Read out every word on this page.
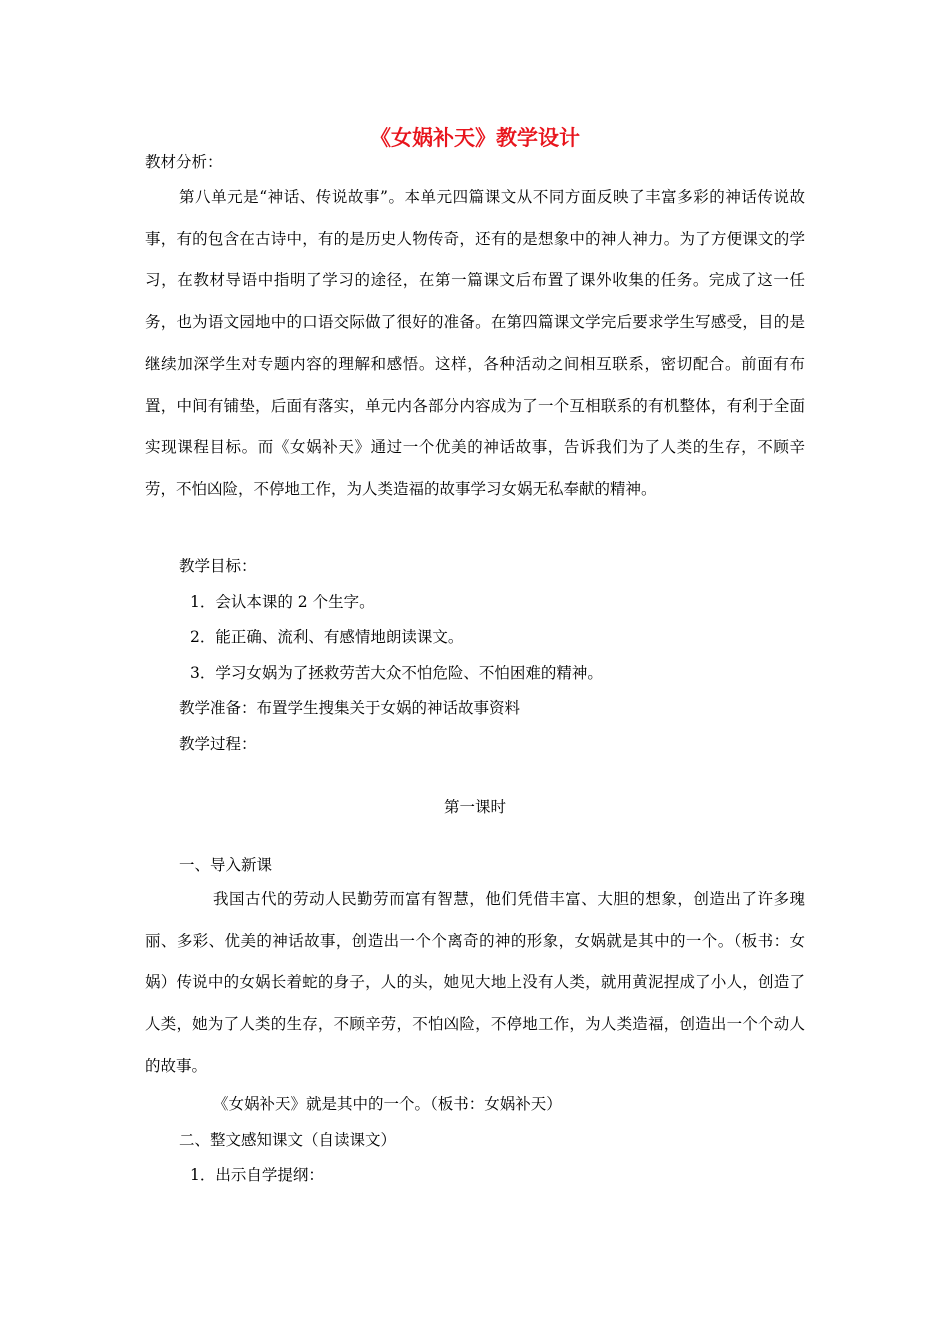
《女娲补天》教学设计
教材分析：

第八单元是“神话、传说故事”。本单元四篇课文从不同方面反映了丰富多彩的神话传说故事，有的包含在古诗中，有的是历史人物传奇，还有的是想象中的神人神力。为了方便课文的学习，在教材导语中指明了学习的途径，在第一篇课文后布置了课外收集的任务。完成了这一任务，也为语文园地中的口语交际做了很好的准备。在第四篇课文学完后要求学生写感受，目的是继续加深学生对专题内容的理解和感悟。这样，各种活动之间相互联系，密切配合。前面有布置，中间有铺垫，后面有落实，单元内各部分内容成为了一个互相联系的有机整体，有利于全面实现课程目标。而《女娲补天》通过一个优美的神话故事，告诉我们为了人类的生存，不顾辛劳，不怕凶险，不停地工作，为人类造福的故事学习女娲无私奉献的精神。

教学目标：
1．会认本课的 2 个生字。
2．能正确、流利、有感情地朗读课文。
3．学习女娲为了拯救劳苦大众不怕危险、不怕困难的精神。
教学准备：布置学生搜集关于女娲的神话故事资料
教学过程：
第一课时
一、导入新课

我国古代的劳动人民勤劳而富有智慧，他们凭借丰富、大胆的想象，创造出了许多瑰丽、多彩、优美的神话故事，创造出一个个离奇的神的形象，女娲就是其中的一个。（板书：女娲）传说中的女娲长着蛇的身子，人的头，她见大地上没有人类，就用黄泥捏成了小人，创造了人类，她为了人类的生存，不顾辛劳，不怕凶险，不停地工作，为人类造福，创造出一个个动人的故事。

《女娲补天》就是其中的一个。（板书：女娲补天）
二、整文感知课文（自读课文）
1．出示自学提纲：
